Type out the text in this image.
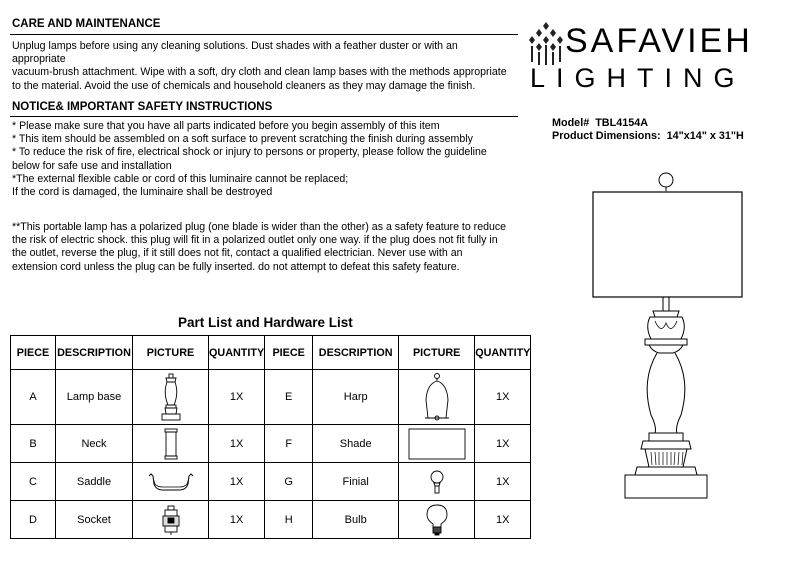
CARE AND MAINTENANCE
Unplug lamps before using any cleaning solutions. Dust shades with a feather duster or with an
appropriate
vacuum-brush attachment. Wipe with a soft, dry cloth and clean lamp bases with the methods appropriate
to the material. Avoid the use of chemicals and household cleaners as they may damage the finish.
NOTICE& IMPORTANT SAFETY INSTRUCTIONS
* Please make sure that you have all parts indicated before you begin assembly of this item
* This item should be assembled on a soft surface to prevent scratching the finish during assembly
* To reduce the risk of fire, electrical shock or injury to persons or property, please follow the guideline
below for safe use and installation
*The external flexible cable or cord of this luminaire cannot be replaced;
If the cord is damaged, the luminaire shall be destroyed
**This portable lamp has a polarized plug (one blade is wider than the other) as a safety feature to reduce
the risk of electric shock. this plug will fit in a polarized outlet only one way. if the plug does not fit fully in
the outlet, reverse the plug, if it still does not fit, contact a qualified electrician. Never use with an
extension cord unless the plug can be fully inserted. do not attempt to defeat this safety feature.
SAFAVIEH
LIGHTING
Model# TBL4154A
Product Dimensions: 14"x14" x 31"H
Part List and Hardware List
PIECE	DESCRIPTION	PICTURE	QUANTITY	PIECE	DESCRIPTION	PICTURE	QUANTITY
A	Lamp base		1X	E	Harp		1X
B	Neck		1X	F	Shade		1X
C	Saddle		1X	G	Finial		1X
D	Socket		1X	H	Bulb		1X
